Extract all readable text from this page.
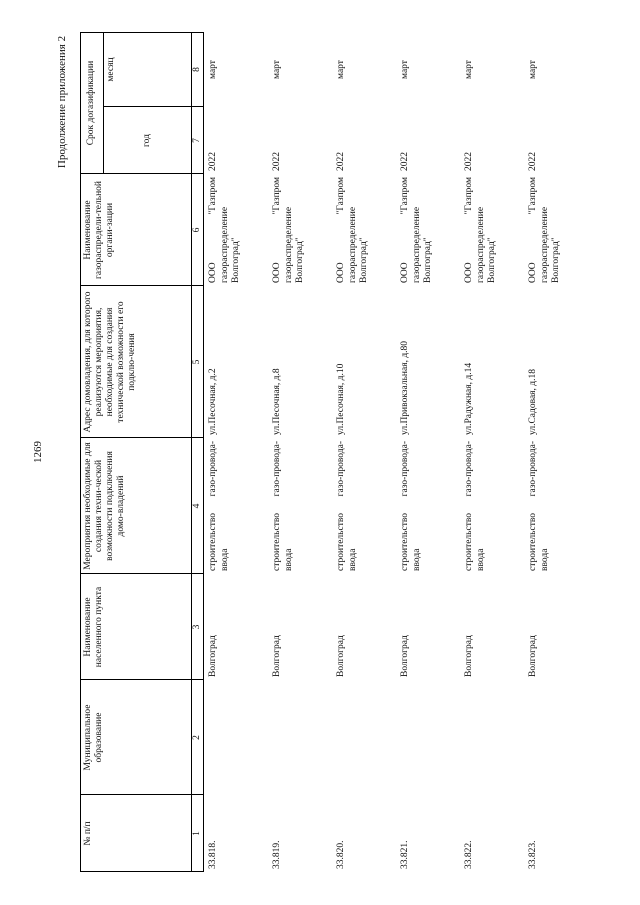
1269
Продолжение приложения 2
№ п/п
Муниципальное образование
Наименование населенного пункта
Мероприятия необходимые для создания техни-ческой возможности подключения домо-владений
Адрес домовладения, для которого реализуются мероприятия, необходимые для создания технической возможности его подклю-чения
Наименование газораспредели-тельной органи-зации
Срок догазификации	год
месяц
1
2
3
4
5
6
7
8
33.818.
Волгоград
строительство газо-провода-ввода
ул.Песочная, д.2
ООО "Газпром газораспределение Волгоград"
2022
март
33.819.
Волгоград
строительство газо-провода-ввода
ул.Песочная, д.8
ООО "Газпром газораспределение Волгоград"
2022
март
33.820.
Волгоград
строительство газо-провода-ввода
ул.Песочная, д.10
ООО "Газпром газораспределение Волгоград"
2022
март
33.821.
Волгоград
строительство газо-провода-ввода
ул.Привокзальная, д.80
ООО "Газпром газораспределение Волгоград"
2022
март
33.822.
Волгоград
строительство газо-провода-ввода
ул.Радужная, д.14
ООО "Газпром газораспределение Волгоград"
2022
март
33.823.
Волгоград
строительство газо-провода-ввода
ул.Садовая, д.18
ООО "Газпром газораспределение Волгоград"
2022
март
